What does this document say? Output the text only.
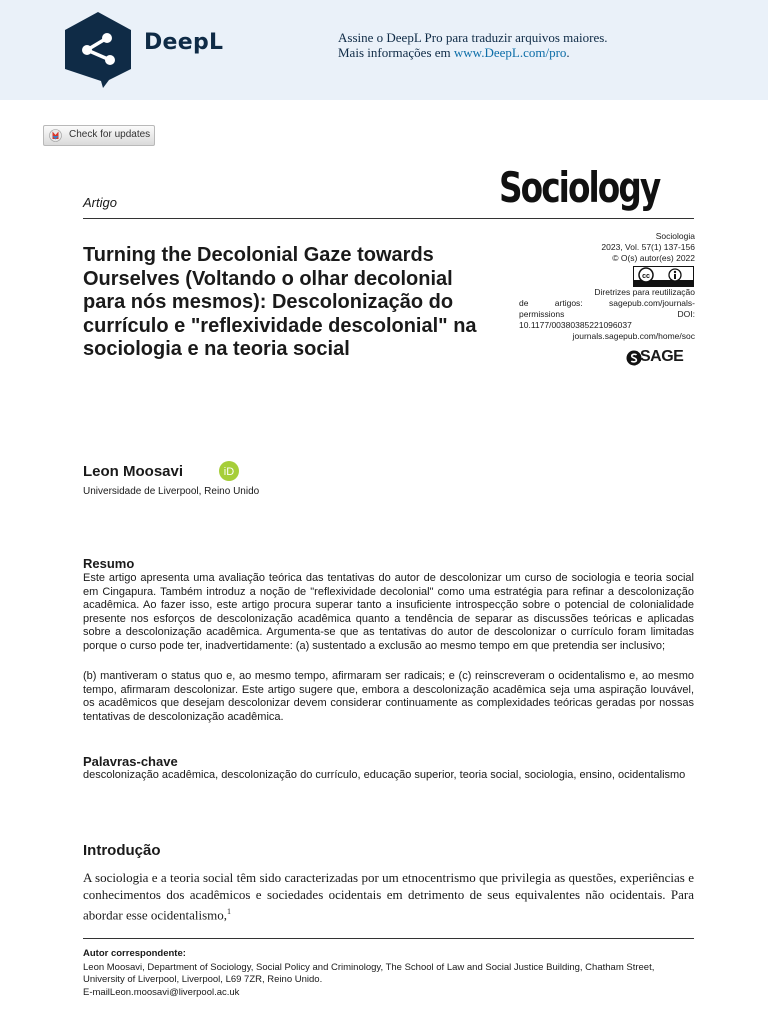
DeepL	Assine o DeepL Pro para traduzir arquivos maiores.
Mais informações em www.DeepL.com/pro.
Check for updates
Artigo	Sociology
Turning the Decolonial Gaze towards Ourselves (Voltando o olhar decolonial para nós mesmos): Descolonização do currículo e "reflexividade descolonial" na sociologia e na teoria social
Sociologia
2023, Vol. 57(1) 137-156
© O(s) autor(es) 2022
Diretrizes para reutilização
de artigos: sagepub.com/journals-
permissions DOI:
10.1177/00380385221096037
journals.sagepub.com/home/soc
cc
SAGE
Leon Moosavi	iD
Universidade de Liverpool, Reino Unido
Resumo
Este artigo apresenta uma avaliação teórica das tentativas do autor de descolonizar um curso de sociologia e teoria social em Cingapura. Também introduz a noção de "reflexividade decolonial" como uma estratégia para refinar a descolonização acadêmica. Ao fazer isso, este artigo procura superar tanto a insuficiente introspecção sobre o potencial de colonialidade presente nos esforços de descolonização acadêmica quanto a tendência de separar as discussões teóricas e aplicadas sobre a descolonização acadêmica. Argumenta-se que as tentativas do autor de descolonizar o currículo foram limitadas porque o curso pode ter, inadvertidamente: (a) sustentado a exclusão ao mesmo tempo em que pretendia ser inclusivo;
(b) mantiveram o status quo e, ao mesmo tempo, afirmaram ser radicais; e (c) reinscreveram o ocidentalismo e, ao mesmo tempo, afirmaram descolonizar. Este artigo sugere que, embora a descolonização acadêmica seja uma aspiração louvável, os acadêmicos que desejam descolonizar devem considerar continuamente as complexidades teóricas geradas por nossas tentativas de descolonização acadêmica.
Palavras-chave
descolonização acadêmica, descolonização do currículo, educação superior, teoria social, sociologia, ensino, ocidentalismo
Introdução
A sociologia e a teoria social têm sido caracterizadas por um etnocentrismo que privilegia as questões, experiências e conhecimentos dos acadêmicos e sociedades ocidentais em detrimento de seus equivalentes não ocidentais. Para abordar esse ocidentalismo,$^1$
Autor correspondente:
Leon Moosavi, Department of Sociology, Social Policy and Criminology, The School of Law and Social Justice Building, Chatham Street, University of Liverpool, Liverpool, L69 7ZR, Reino Unido.
E-mailLeon.moosavi@liverpool.ac.uk
